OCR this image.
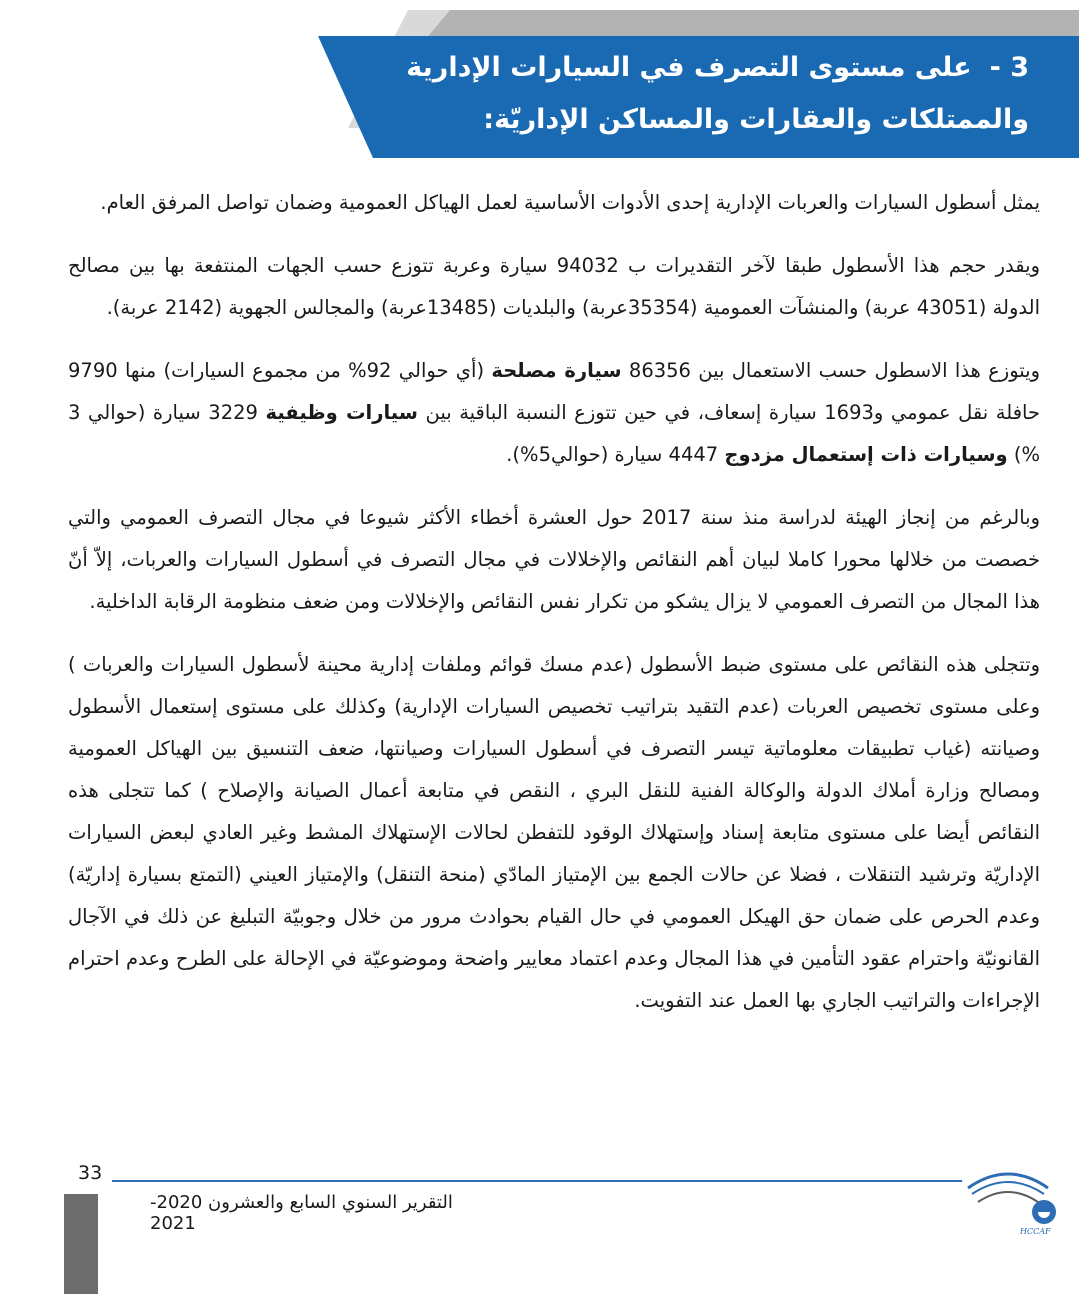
3 -على مستوى التصرف في السيارات الإدارية
والممتلكات والعقارات والمساكن الإداريّة:

يمثل أسطول السيارات والعربات الإدارية إحدى الأدوات الأساسية لعمل الهياكل العمومية وضمان تواصل المرفق العام.

ويقدر حجم هذا الأسطول طبقا لآخر التقديرات ب 94032 سيارة وعربة تتوزع حسب الجهات المنتفعة بها بين مصالح الدولة (43051 عربة) والمنشآت العمومية (35354عربة) والبلديات (13485عربة) والمجالس الجهوية (2142 عربة).

ويتوزع هذا الاسطول حسب الاستعمال بين 86356 سيارة مصلحة (أي حوالي 92% من مجموع السيارات) منها 9790 حافلة نقل عمومي و1693 سيارة إسعاف، في حين تتوزع النسبة الباقية بين سيارات وظيفية 3229 سيارة (حوالي 3 %) وسيارات ذات إستعمال مزدوج 4447 سيارة (حوالي5%).

وبالرغم من إنجاز الهيئة لدراسة منذ سنة 2017 حول العشرة أخطاء الأكثر شيوعا في مجال التصرف العمومي والتي خصصت من خلالها محورا كاملا لبيان أهم النقائص والإخلالات في مجال التصرف في أسطول السيارات والعربات، إلاّ أنّ هذا المجال من التصرف العمومي لا يزال يشكو من تكرار نفس النقائص والإخلالات ومن ضعف منظومة الرقابة الداخلية.

وتتجلى هذه النقائص على مستوى ضبط الأسطول (عدم مسك قوائم وملفات إدارية محينة لأسطول السيارات والعربات ) وعلى مستوى تخصيص العربات (عدم التقيد بتراتيب تخصيص السيارات الإدارية) وكذلك على مستوى إستعمال الأسطول وصيانته (غياب تطبيقات معلوماتية تيسر التصرف في أسطول السيارات وصيانتها، ضعف التنسيق بين الهياكل العمومية ومصالح وزارة أملاك الدولة والوكالة الفنية للنقل البري ، النقص في متابعة أعمال الصيانة والإصلاح ) كما تتجلى هذه النقائص أيضا على مستوى متابعة إسناد وإستهلاك الوقود للتفطن لحالات الإستهلاك المشط وغير العادي لبعض السيارات الإداريّة وترشيد التنقلات ، فضلا عن حالات الجمع بين الإمتياز المادّي (منحة التنقل) والإمتياز العيني (التمتع بسيارة إداريّة) وعدم الحرص على ضمان حق الهيكل العمومي في حال القيام بحوادث مرور من خلال وجوبيّة التبليغ عن ذلك في الآجال القانونيّة واحترام عقود التأمين في هذا المجال وعدم اعتماد معايير واضحة وموضوعيّة في الإحالة على الطرح وعدم احترام الإجراءات والتراتيب الجاري بها العمل عند التفويت.

33
التقرير السنوي السابع والعشرون 2020-2021	HCCAF
